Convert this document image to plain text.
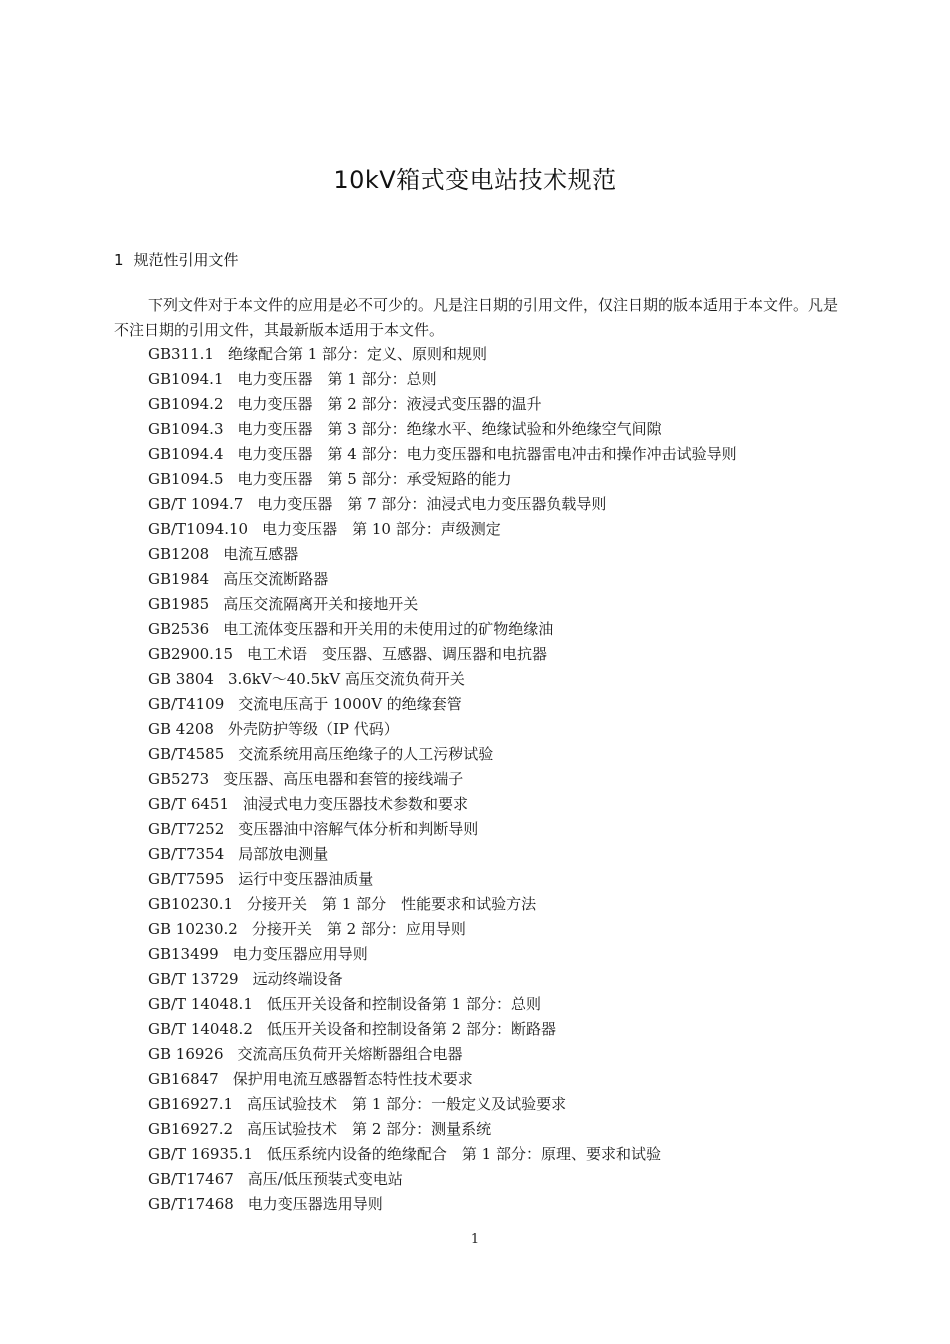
10kV箱式变电站技术规范
1 规范性引用文件

下列文件对于本文件的应用是必不可少的。凡是注日期的引用文件，仅注日期的版本适用于本文件。凡是不注日期的引用文件，其最新版本适用于本文件。

GB311.1 绝缘配合第 1 部分：定义、原则和规则
GB1094.1 电力变压器　第 1 部分：总则
GB1094.2 电力变压器　第 2 部分：液浸式变压器的温升
GB1094.3 电力变压器　第 3 部分：绝缘水平、绝缘试验和外绝缘空气间隙
GB1094.4 电力变压器　第 4 部分：电力变压器和电抗器雷电冲击和操作冲击试验导则
GB1094.5 电力变压器　第 5 部分：承受短路的能力
GB/T 1094.7 电力变压器　第 7 部分：油浸式电力变压器负载导则
GB/T1094.10 电力变压器　第 10 部分：声级测定
GB1208 电流互感器
GB1984 高压交流断路器
GB1985 高压交流隔离开关和接地开关
GB2536 电工流体变压器和开关用的未使用过的矿物绝缘油
GB2900.15 电工术语　变压器、互感器、调压器和电抗器
GB 3804 3.6kV～40.5kV 高压交流负荷开关
GB/T4109 交流电压高于 1000V 的绝缘套管
GB 4208 外壳防护等级（IP 代码）
GB/T4585 交流系统用高压绝缘子的人工污秽试验
GB5273 变压器、高压电器和套管的接线端子
GB/T 6451 油浸式电力变压器技术参数和要求
GB/T7252 变压器油中溶解气体分析和判断导则
GB/T7354 局部放电测量
GB/T7595 运行中变压器油质量
GB10230.1 分接开关　第 1 部分　性能要求和试验方法
GB 10230.2 分接开关　第 2 部分：应用导则
GB13499 电力变压器应用导则
GB/T 13729 远动终端设备
GB/T 14048.1 低压开关设备和控制设备第 1 部分：总则
GB/T 14048.2 低压开关设备和控制设备第 2 部分：断路器
GB 16926 交流高压负荷开关熔断器组合电器
GB16847 保护用电流互感器暂态特性技术要求
GB16927.1 高压试验技术　第 1 部分：一般定义及试验要求
GB16927.2 高压试验技术　第 2 部分：测量系统
GB/T 16935.1 低压系统内设备的绝缘配合　第 1 部分：原理、要求和试验
GB/T17467 高压/低压预装式变电站
GB/T17468 电力变压器选用导则
1
